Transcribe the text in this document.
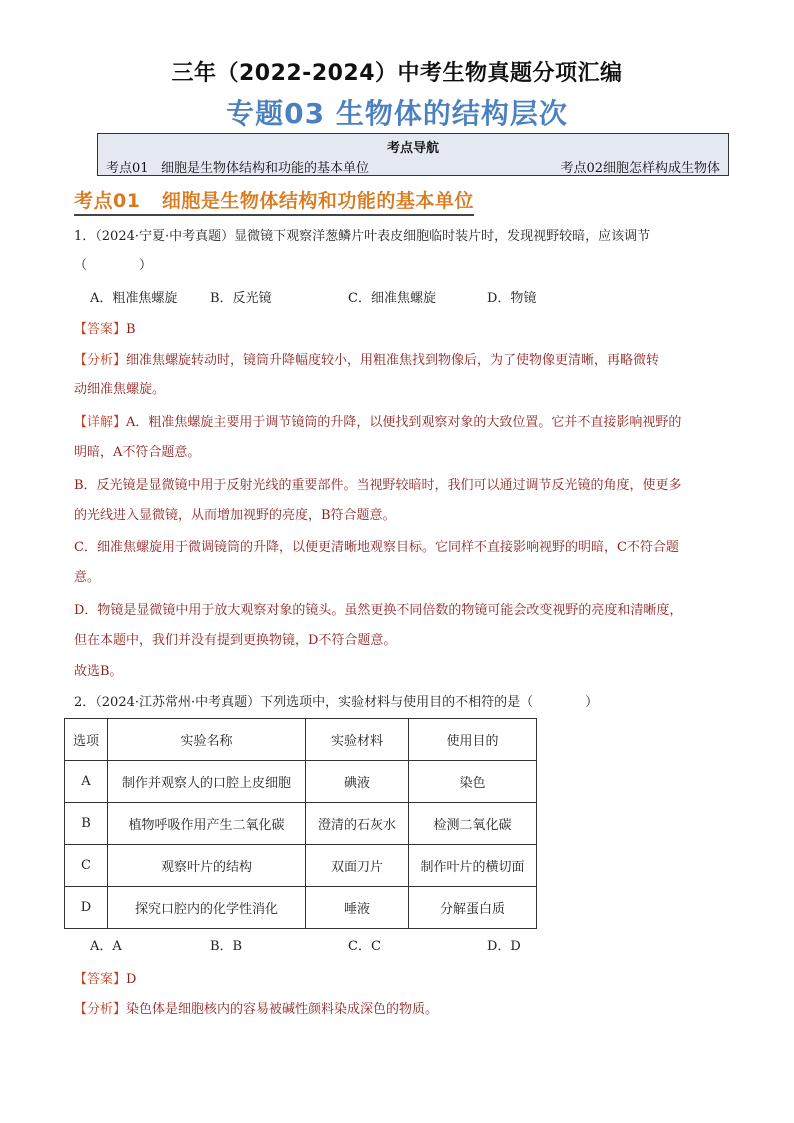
三年（2022-2024）中考生物真题分项汇编
专题03 生物体的结构层次
考点导航
考点01 细胞是生物体结构和功能的基本单位	考点02细胞怎样构成生物体
考点01 细胞是生物体结构和功能的基本单位
1．（2024·宁夏·中考真题）显微镜下观察洋葱鳞片叶表皮细胞临时装片时，发现视野较暗，应该调节
（　　　　）
A．粗准焦螺旋	B．反光镜	C．细准焦螺旋	D．物镜
【答案】B
【分析】细准焦螺旋转动时，镜筒升降幅度较小，用粗准焦找到物像后，为了使物像更清晰，再略微转
动细准焦螺旋。
【详解】A．粗准焦螺旋主要用于调节镜筒的升降，以便找到观察对象的大致位置。它并不直接影响视野的
明暗，A不符合题意。
B．反光镜是显微镜中用于反射光线的重要部件。当视野较暗时，我们可以通过调节反光镜的角度，使更多
的光线进入显微镜，从而增加视野的亮度，B符合题意。
C．细准焦螺旋用于微调镜筒的升降，以便更清晰地观察目标。它同样不直接影响视野的明暗，C不符合题
意。
D．物镜是显微镜中用于放大观察对象的镜头。虽然更换不同倍数的物镜可能会改变视野的亮度和清晰度，
但在本题中，我们并没有提到更换物镜，D不符合题意。
故选B。
2．（2024·江苏常州·中考真题）下列选项中，实验材料与使用目的不相符的是（　　　　）
选项	实验名称	实验材料	使用目的
A	制作并观察人的口腔上皮细胞	碘液	染色
B	植物呼吸作用产生二氧化碳	澄清的石灰水	检测二氧化碳
C	观察叶片的结构	双面刀片	制作叶片的横切面
D	探究口腔内的化学性消化	唾液	分解蛋白质
A．A	B．B	C．C	D．D
【答案】D
【分析】染色体是细胞核内的容易被碱性颜料染成深色的物质。
